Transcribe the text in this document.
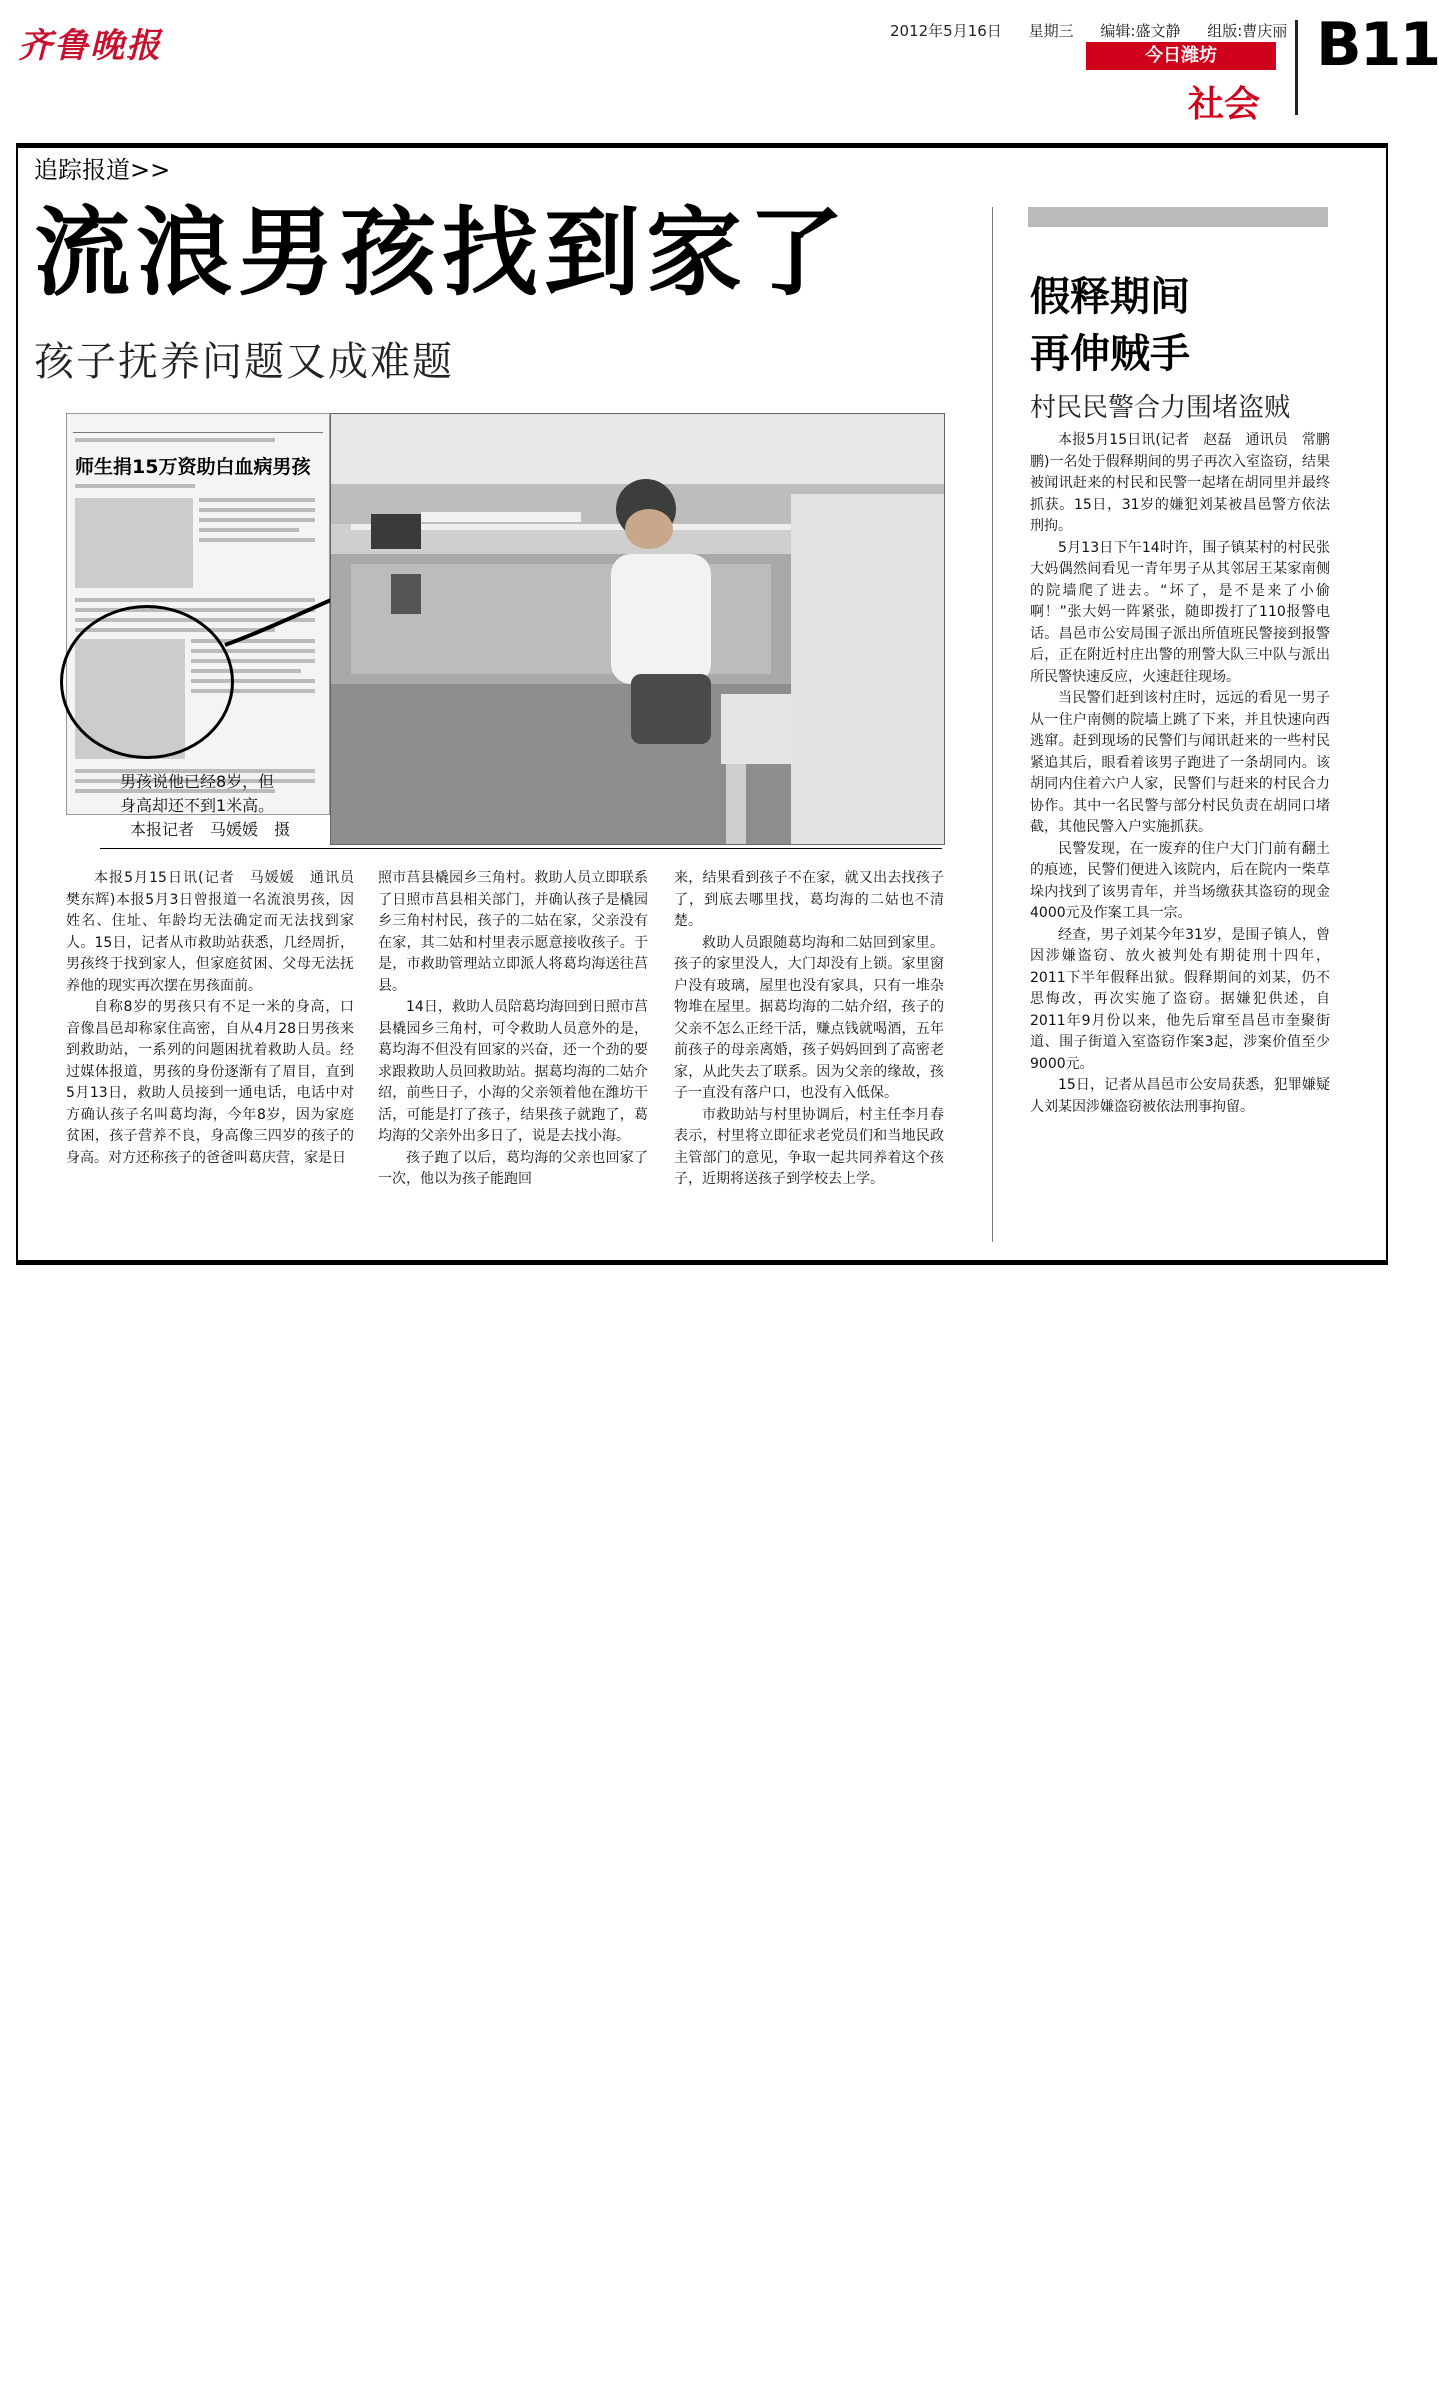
齐鲁晚报	2012年5月16日 星期三 编辑:盛文静 组版:曹庆丽
今日潍坊
社会
B11
追踪报道>>
流浪男孩找到家了
孩子抚养问题又成难题
师生捐15万资助白血病男孩
男孩说他已经8岁，但
身高却还不到1米高。
本报记者　马媛媛　摄

本报5月15日讯(记者　马媛媛　通讯员　樊东辉)本报5月3日曾报道一名流浪男孩，因姓名、住址、年龄均无法确定而无法找到家人。15日，记者从市救助站获悉，几经周折，男孩终于找到家人，但家庭贫困、父母无法抚养他的现实再次摆在男孩面前。

自称8岁的男孩只有不足一米的身高，口音像昌邑却称家住高密，自从4月28日男孩来到救助站，一系列的问题困扰着救助人员。经过媒体报道，男孩的身份逐渐有了眉目，直到5月13日，救助人员接到一通电话，电话中对方确认孩子名叫葛均海，今年8岁，因为家庭贫困，孩子营养不良，身高像三四岁的孩子的身高。对方还称孩子的爸爸叫葛庆营，家是日

照市莒县橇园乡三角村。救助人员立即联系了日照市莒县相关部门，并确认孩子是橇园乡三角村村民，孩子的二姑在家，父亲没有在家，其二姑和村里表示愿意接收孩子。于是，市救助管理站立即派人将葛均海送往莒县。

14日，救助人员陪葛均海回到日照市莒县橇园乡三角村，可令救助人员意外的是，葛均海不但没有回家的兴奋，还一个劲的要求跟救助人员回救助站。据葛均海的二姑介绍，前些日子，小海的父亲领着他在潍坊干活，可能是打了孩子，结果孩子就跑了，葛均海的父亲外出多日了，说是去找小海。

孩子跑了以后，葛均海的父亲也回家了一次，他以为孩子能跑回

来，结果看到孩子不在家，就又出去找孩子了，到底去哪里找，葛均海的二姑也不清楚。

救助人员跟随葛均海和二姑回到家里。孩子的家里没人，大门却没有上锁。家里窗户没有玻璃，屋里也没有家具，只有一堆杂物堆在屋里。据葛均海的二姑介绍，孩子的父亲不怎么正经干活，赚点钱就喝酒，五年前孩子的母亲离婚，孩子妈妈回到了高密老家，从此失去了联系。因为父亲的缘故，孩子一直没有落户口，也没有入低保。

市救助站与村里协调后，村主任李月春表示，村里将立即征求老党员们和当地民政主管部门的意见，争取一起共同养着这个孩子，近期将送孩子到学校去上学。

假释期间
再伸贼手
村民民警合力围堵盗贼

本报5月15日讯(记者　赵磊　通讯员　常鹏鹏)一名处于假释期间的男子再次入室盗窃，结果被闻讯赶来的村民和民警一起堵在胡同里并最终抓获。15日，31岁的嫌犯刘某被昌邑警方依法刑拘。

5月13日下午14时许，围子镇某村的村民张大妈偶然间看见一青年男子从其邻居王某家南侧的院墙爬了进去。“坏了，是不是来了小偷啊！”张大妈一阵紧张，随即拨打了110报警电话。昌邑市公安局围子派出所值班民警接到报警后，正在附近村庄出警的刑警大队三中队与派出所民警快速反应，火速赶往现场。

当民警们赶到该村庄时，远远的看见一男子从一住户南侧的院墙上跳了下来，并且快速向西逃窜。赶到现场的民警们与闻讯赶来的一些村民紧追其后，眼看着该男子跑进了一条胡同内。该胡同内住着六户人家，民警们与赶来的村民合力协作。其中一名民警与部分村民负责在胡同口堵截，其他民警入户实施抓获。

民警发现，在一废弃的住户大门门前有翻土的痕迹，民警们便进入该院内，后在院内一柴草垛内找到了该男青年，并当场缴获其盗窃的现金4000元及作案工具一宗。

经查，男子刘某今年31岁，是围子镇人，曾因涉嫌盗窃、放火被判处有期徒刑十四年，2011下半年假释出狱。假释期间的刘某，仍不思悔改，再次实施了盗窃。据嫌犯供述，自2011年9月份以来，他先后窜至昌邑市奎聚街道、围子街道入室盗窃作案3起，涉案价值至少9000元。

15日，记者从昌邑市公安局获悉，犯罪嫌疑人刘某因涉嫌盗窃被依法刑事拘留。
